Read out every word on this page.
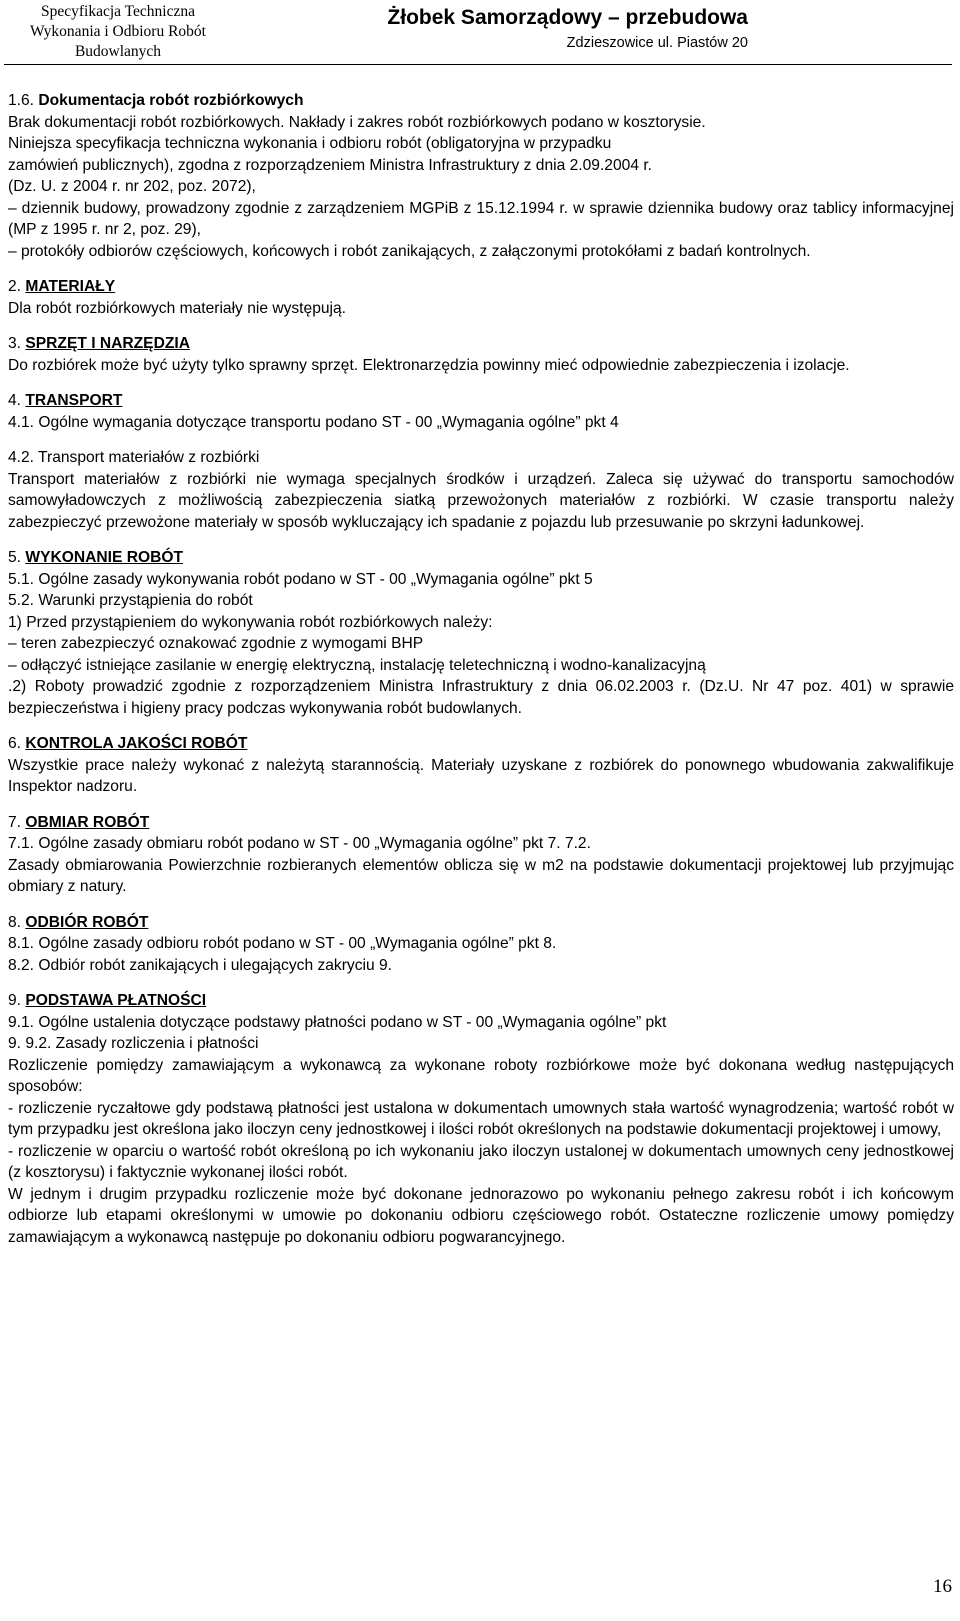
Specyfikacja Techniczna
Wykonania i Odbioru Robót
Budowlanych
Żłobek Samorządowy – przebudowa
Zdzieszowice ul. Piastów 20

1.6. Dokumentacja robót rozbiórkowych

Brak dokumentacji robót rozbiórkowych. Nakłady i zakres robót rozbiórkowych podano w kosztorysie.

Niniejsza specyfikacja techniczna wykonania i odbioru robót (obligatoryjna w przypadku

zamówień publicznych), zgodna z rozporządzeniem Ministra Infrastruktury z dnia 2.09.2004 r.

(Dz. U. z 2004 r. nr 202, poz. 2072),

– dziennik budowy, prowadzony zgodnie z zarządzeniem MGPiB z 15.12.1994 r. w sprawie dziennika budowy oraz tablicy informacyjnej (MP z 1995 r. nr 2, poz. 29),

– protokóły odbiorów częściowych, końcowych i robót zanikających, z załączonymi protokółami z badań kontrolnych.

2. MATERIAŁY

Dla robót rozbiórkowych materiały nie występują.

3. SPRZĘT I NARZĘDZIA

Do rozbiórek może być użyty tylko sprawny sprzęt. Elektronarzędzia powinny mieć odpowiednie zabezpieczenia i izolacje.

4. TRANSPORT

4.1. Ogólne wymagania dotyczące transportu podano ST - 00 „Wymagania ogólne” pkt 4

4.2. Transport materiałów z rozbiórki

Transport materiałów z rozbiórki nie wymaga specjalnych środków i urządzeń. Zaleca się używać do transportu samochodów samowyładowczych z możliwością zabezpieczenia siatką przewożonych materiałów z rozbiórki. W czasie transportu należy zabezpieczyć przewożone materiały w sposób wykluczający ich spadanie z pojazdu lub przesuwanie po skrzyni ładunkowej.

5. WYKONANIE ROBÓT

5.1. Ogólne zasady wykonywania robót podano w ST - 00 „Wymagania ogólne” pkt 5

5.2. Warunki przystąpienia do robót

1) Przed przystąpieniem do wykonywania robót rozbiórkowych należy:

– teren zabezpieczyć oznakować zgodnie z wymogami BHP

– odłączyć istniejące zasilanie w energię elektryczną, instalację teletechniczną i wodno-kanalizacyjną

.2) Roboty prowadzić zgodnie z rozporządzeniem Ministra Infrastruktury z dnia 06.02.2003 r. (Dz.U. Nr 47 poz. 401) w sprawie bezpieczeństwa i higieny pracy podczas wykonywania robót budowlanych.

6. KONTROLA JAKOŚCI ROBÓT

Wszystkie prace należy wykonać z należytą starannością. Materiały uzyskane z rozbiórek do ponownego wbudowania zakwalifikuje Inspektor nadzoru.

7. OBMIAR ROBÓT

7.1. Ogólne zasady obmiaru robót podano w ST - 00 „Wymagania ogólne” pkt 7. 7.2.

Zasady obmiarowania Powierzchnie rozbieranych elementów oblicza się w m2 na podstawie dokumentacji projektowej lub przyjmując obmiary z natury.

8. ODBIÓR ROBÓT

8.1. Ogólne zasady odbioru robót podano w ST - 00 „Wymagania ogólne” pkt 8.

8.2. Odbiór robót zanikających i ulegających zakryciu 9.

9. PODSTAWA PŁATNOŚCI

9.1. Ogólne ustalenia dotyczące podstawy płatności podano w ST - 00 „Wymagania ogólne” pkt

9. 9.2. Zasady rozliczenia i płatności

Rozliczenie pomiędzy zamawiającym a wykonawcą za wykonane roboty rozbiórkowe może być dokonana według następujących sposobów:

- rozliczenie ryczałtowe gdy podstawą płatności jest ustalona w dokumentach umownych stała wartość wynagrodzenia; wartość robót w tym przypadku jest określona jako iloczyn ceny jednostkowej i ilości robót określonych na podstawie dokumentacji projektowej i umowy,

- rozliczenie w oparciu o wartość robót określoną po ich wykonaniu jako iloczyn ustalonej w dokumentach umownych ceny jednostkowej (z kosztorysu) i faktycznie wykonanej ilości robót.

W jednym i drugim przypadku rozliczenie może być dokonane jednorazowo po wykonaniu pełnego zakresu robót i ich końcowym odbiorze lub etapami określonymi w umowie po dokonaniu odbioru częściowego robót. Ostateczne rozliczenie umowy pomiędzy zamawiającym a wykonawcą następuje po dokonaniu odbioru pogwarancyjnego.

16
